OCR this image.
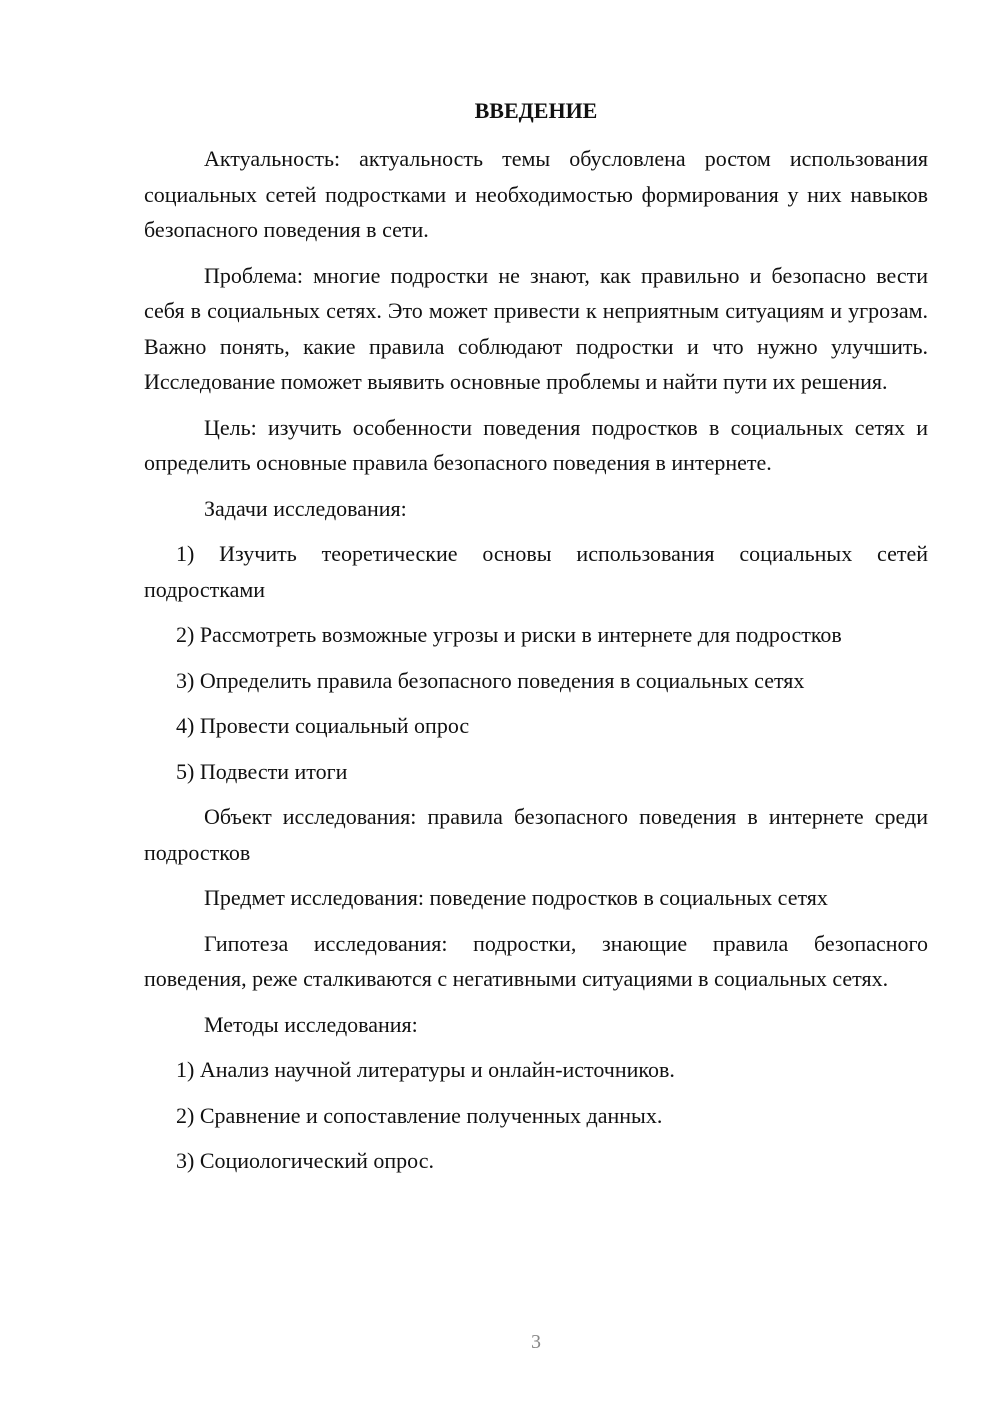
ВВЕДЕНИЕ

Актуальность: актуальность темы обусловлена ростом использования социальных сетей подростками и необходимостью формирования у них навыков безопасного поведения в сети.

Проблема: многие подростки не знают, как правильно и безопасно вести себя в социальных сетях. Это может привести к неприятным ситуациям и угрозам. Важно понять, какие правила соблюдают подростки и что нужно улучшить. Исследование поможет выявить основные проблемы и найти пути их решения.

Цель: изучить особенности поведения подростков в социальных сетях и определить основные правила безопасного поведения в интернете.

Задачи исследования:

1) Изучить теоретические основы использования социальных сетей подростками

2) Рассмотреть возможные угрозы и риски в интернете для подростков

3) Определить правила безопасного поведения в социальных сетях

4) Провести социальный опрос

5) Подвести итоги

Объект исследования: правила безопасного поведения в интернете среди подростков

Предмет исследования: поведение подростков в социальных сетях

Гипотеза исследования: подростки, знающие правила безопасного поведения, реже сталкиваются с негативными ситуациями в социальных сетях.

Методы исследования:

1) Анализ научной литературы и онлайн-источников.

2) Сравнение и сопоставление полученных данных.

3) Социологический опрос.

3
